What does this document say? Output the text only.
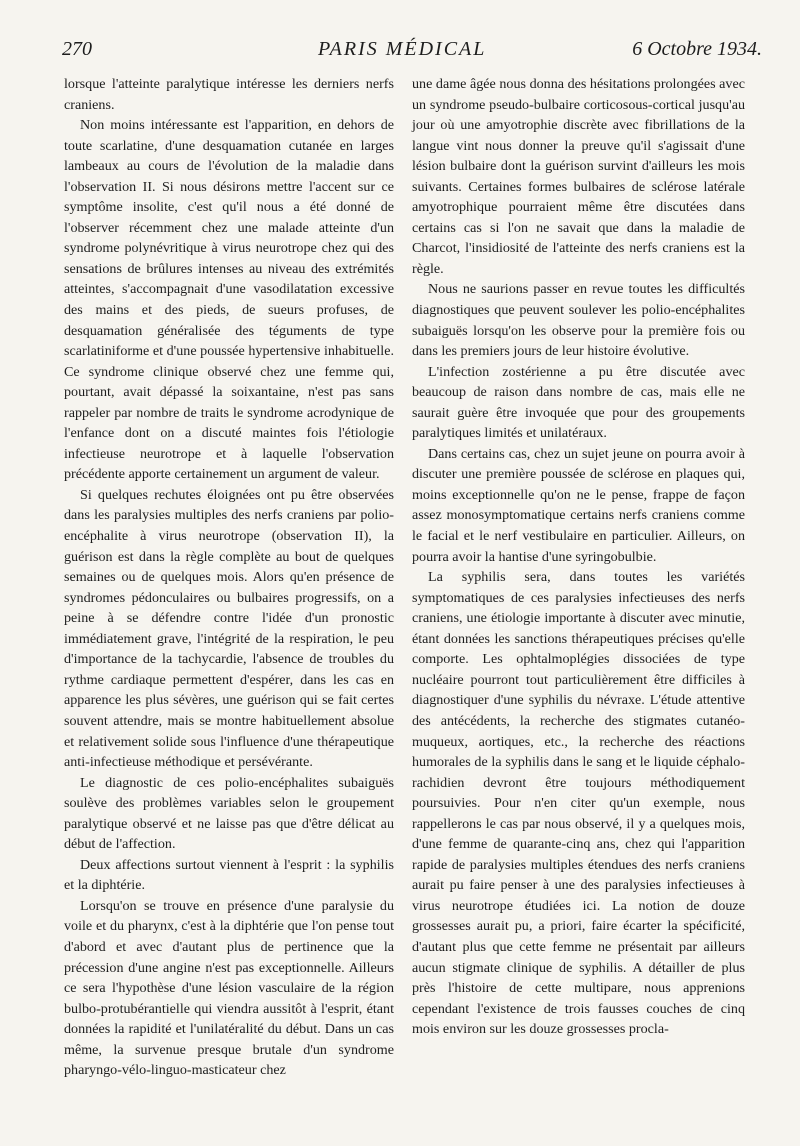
270	PARIS MÉDICAL	6 Octobre 1934.

lorsque l'atteinte paralytique intéresse les derniers nerfs craniens.

Non moins intéressante est l'apparition, en dehors de toute scarlatine, d'une desquamation cutanée en larges lambeaux au cours de l'évolution de la maladie dans l'observation II. Si nous désirons mettre l'accent sur ce symptôme insolite, c'est qu'il nous a été donné de l'observer récemment chez une malade atteinte d'un syndrome polynévritique à virus neurotrope chez qui des sensations de brûlures intenses au niveau des extrémités atteintes, s'accompagnait d'une vasodilatation excessive des mains et des pieds, de sueurs profuses, de desquamation généralisée des téguments de type scarlatiniforme et d'une poussée hypertensive inhabituelle. Ce syndrome clinique observé chez une femme qui, pourtant, avait dépassé la soixantaine, n'est pas sans rappeler par nombre de traits le syndrome acrodynique de l'enfance dont on a discuté maintes fois l'étiologie infectieuse neurotrope et à laquelle l'observation précédente apporte certainement un argument de valeur.

Si quelques rechutes éloignées ont pu être observées dans les paralysies multiples des nerfs craniens par polio-encéphalite à virus neurotrope (observation II), la guérison est dans la règle complète au bout de quelques semaines ou de quelques mois. Alors qu'en présence de syndromes pédonculaires ou bulbaires progressifs, on a peine à se défendre contre l'idée d'un pronostic immédiatement grave, l'intégrité de la respiration, le peu d'importance de la tachycardie, l'absence de troubles du rythme cardiaque permettent d'espérer, dans les cas en apparence les plus sévères, une guérison qui se fait certes souvent attendre, mais se montre habituellement absolue et relativement solide sous l'influence d'une thérapeutique anti-infectieuse méthodique et persévérante.

Le diagnostic de ces polio-encéphalites subaiguës soulève des problèmes variables selon le groupement paralytique observé et ne laisse pas que d'être délicat au début de l'affection.

Deux affections surtout viennent à l'esprit : la syphilis et la diphtérie.

Lorsqu'on se trouve en présence d'une paralysie du voile et du pharynx, c'est à la diphtérie que l'on pense tout d'abord et avec d'autant plus de pertinence que la précession d'une angine n'est pas exceptionnelle. Ailleurs ce sera l'hypothèse d'une lésion vasculaire de la région bulbo-protubérantielle qui viendra aussitôt à l'esprit, étant données la rapidité et l'unilatéralité du début. Dans un cas même, la survenue presque brutale d'un syndrome pharyngo-vélo-linguo-masticateur chez

une dame âgée nous donna des hésitations prolongées avec un syndrome pseudo-bulbaire corticosous-cortical jusqu'au jour où une amyotrophie discrète avec fibrillations de la langue vint nous donner la preuve qu'il s'agissait d'une lésion bulbaire dont la guérison survint d'ailleurs les mois suivants. Certaines formes bulbaires de sclérose latérale amyotrophique pourraient même être discutées dans certains cas si l'on ne savait que dans la maladie de Charcot, l'insidiosité de l'atteinte des nerfs craniens est la règle.

Nous ne saurions passer en revue toutes les difficultés diagnostiques que peuvent soulever les polio-encéphalites subaiguës lorsqu'on les observe pour la première fois ou dans les premiers jours de leur histoire évolutive.

L'infection zostérienne a pu être discutée avec beaucoup de raison dans nombre de cas, mais elle ne saurait guère être invoquée que pour des groupements paralytiques limités et unilatéraux.

Dans certains cas, chez un sujet jeune on pourra avoir à discuter une première poussée de sclérose en plaques qui, moins exceptionnelle qu'on ne le pense, frappe de façon assez monosymptomatique certains nerfs craniens comme le facial et le nerf vestibulaire en particulier. Ailleurs, on pourra avoir la hantise d'une syringobulbie.

La syphilis sera, dans toutes les variétés symptomatiques de ces paralysies infectieuses des nerfs craniens, une étiologie importante à discuter avec minutie, étant données les sanctions thérapeutiques précises qu'elle comporte. Les ophtalmoplégies dissociées de type nucléaire pourront tout particulièrement être difficiles à diagnostiquer d'une syphilis du névraxe. L'étude attentive des antécédents, la recherche des stigmates cutanéo-muqueux, aortiques, etc., la recherche des réactions humorales de la syphilis dans le sang et le liquide céphalo-rachidien devront être toujours méthodiquement poursuivies. Pour n'en citer qu'un exemple, nous rappellerons le cas par nous observé, il y a quelques mois, d'une femme de quarante-cinq ans, chez qui l'apparition rapide de paralysies multiples étendues des nerfs craniens aurait pu faire penser à une des paralysies infectieuses à virus neurotrope étudiées ici. La notion de douze grossesses aurait pu, a priori, faire écarter la spécificité, d'autant plus que cette femme ne présentait par ailleurs aucun stigmate clinique de syphilis. A détailler de plus près l'histoire de cette multipare, nous apprenions cependant l'existence de trois fausses couches de cinq mois environ sur les douze grossesses procla-
